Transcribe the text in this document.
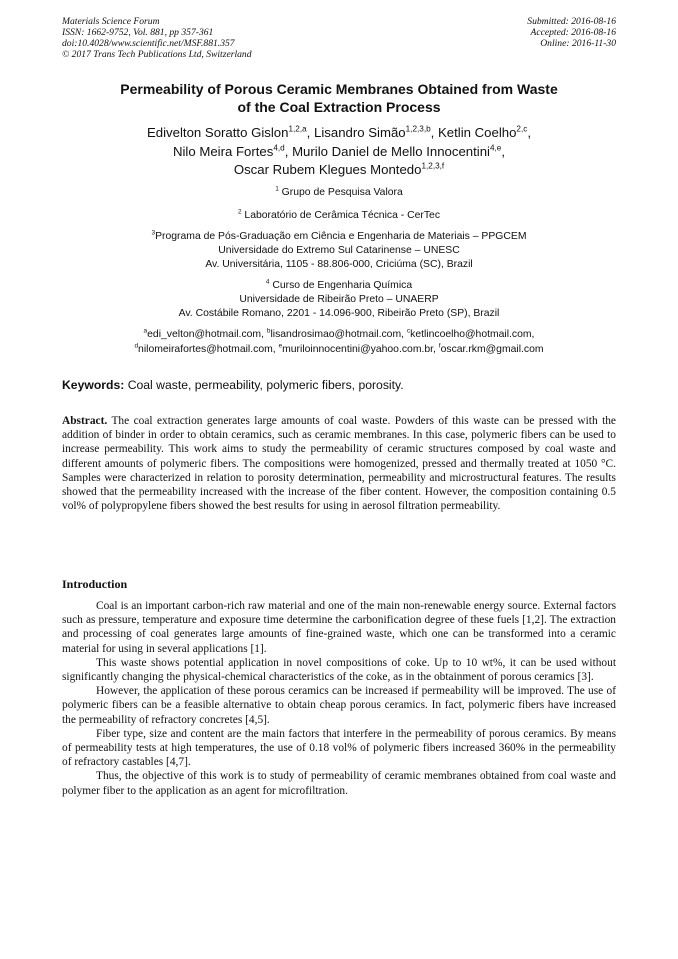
Materials Science Forum
ISSN: 1662-9752, Vol. 881, pp 357-361
doi:10.4028/www.scientific.net/MSF.881.357
© 2017 Trans Tech Publications Ltd, Switzerland
Submitted: 2016-08-16
Accepted: 2016-08-16
Online: 2016-11-30
Permeability of Porous Ceramic Membranes Obtained from Waste
of the Coal Extraction Process
Edivelton Soratto Gislon$^{1,2,a}$, Lisandro Simão$^{1,2,3,b}$, Ketlin Coelho$^{2,c}$,
Nilo Meira Fortes$^{4,d}$, Murilo Daniel de Mello Innocentini$^{4,e}$,
Oscar Rubem Klegues Montedo$^{1,2,3,f}$
$^1$ Grupo de Pesquisa Valora
$^2$ Laboratório de Cerâmica Técnica - CerTec
$^3$Programa de Pós-Graduação em Ciência e Engenharia de Materiais – PPGCEM
Universidade do Extremo Sul Catarinense – UNESC
Av. Universitária, 1105 - 88.806-000, Criciúma (SC), Brazil
$^4$ Curso de Engenharia Química
Universidade de Ribeirão Preto – UNAERP
Av. Costábile Romano, 2201 - 14.096-900, Ribeirão Preto (SP), Brazil
$^a$edi_velton@hotmail.com, $^b$lisandrosimao@hotmail.com, $^c$ketlincoelho@hotmail.com,
$^d$nilomeirafortes@hotmail.com, $^e$muriloinnocentini@yahoo.com.br, $^f$oscar.rkm@gmail.com
Keywords: Coal waste, permeability, polymeric fibers, porosity.
Abstract. The coal extraction generates large amounts of coal waste. Powders of this waste can be pressed with the addition of binder in order to obtain ceramics, such as ceramic membranes. In this case, polymeric fibers can be used to increase permeability. This work aims to study the permeability of ceramic structures composed by coal waste and different amounts of polymeric fibers. The compositions were homogenized, pressed and thermally treated at 1050 °C. Samples were characterized in relation to porosity determination, permeability and microstructural features. The results showed that the permeability increased with the increase of the fiber content. However, the composition containing 0.5 vol% of polypropylene fibers showed the best results for using in aerosol filtration permeability.
Introduction

Coal is an important carbon-rich raw material and one of the main non-renewable energy source. External factors such as pressure, temperature and exposure time determine the carbonification degree of these fuels [1,2]. The extraction and processing of coal generates large amounts of fine-grained waste, which one can be transformed into a ceramic material for using in several applications [1].

This waste shows potential application in novel compositions of coke. Up to 10 wt%, it can be used without significantly changing the physical-chemical characteristics of the coke, as in the obtainment of porous ceramics [3].

However, the application of these porous ceramics can be increased if permeability will be improved. The use of polymeric fibers can be a feasible alternative to obtain cheap porous ceramics. In fact, polymeric fibers have increased the permeability of refractory concretes [4,5].

Fiber type, size and content are the main factors that interfere in the permeability of porous ceramics. By means of permeability tests at high temperatures, the use of 0.18 vol% of polymeric fibers increased 360% in the permeability of refractory castables [4,7].

Thus, the objective of this work is to study of permeability of ceramic membranes obtained from coal waste and polymer fiber to the application as an agent for microfiltration.
